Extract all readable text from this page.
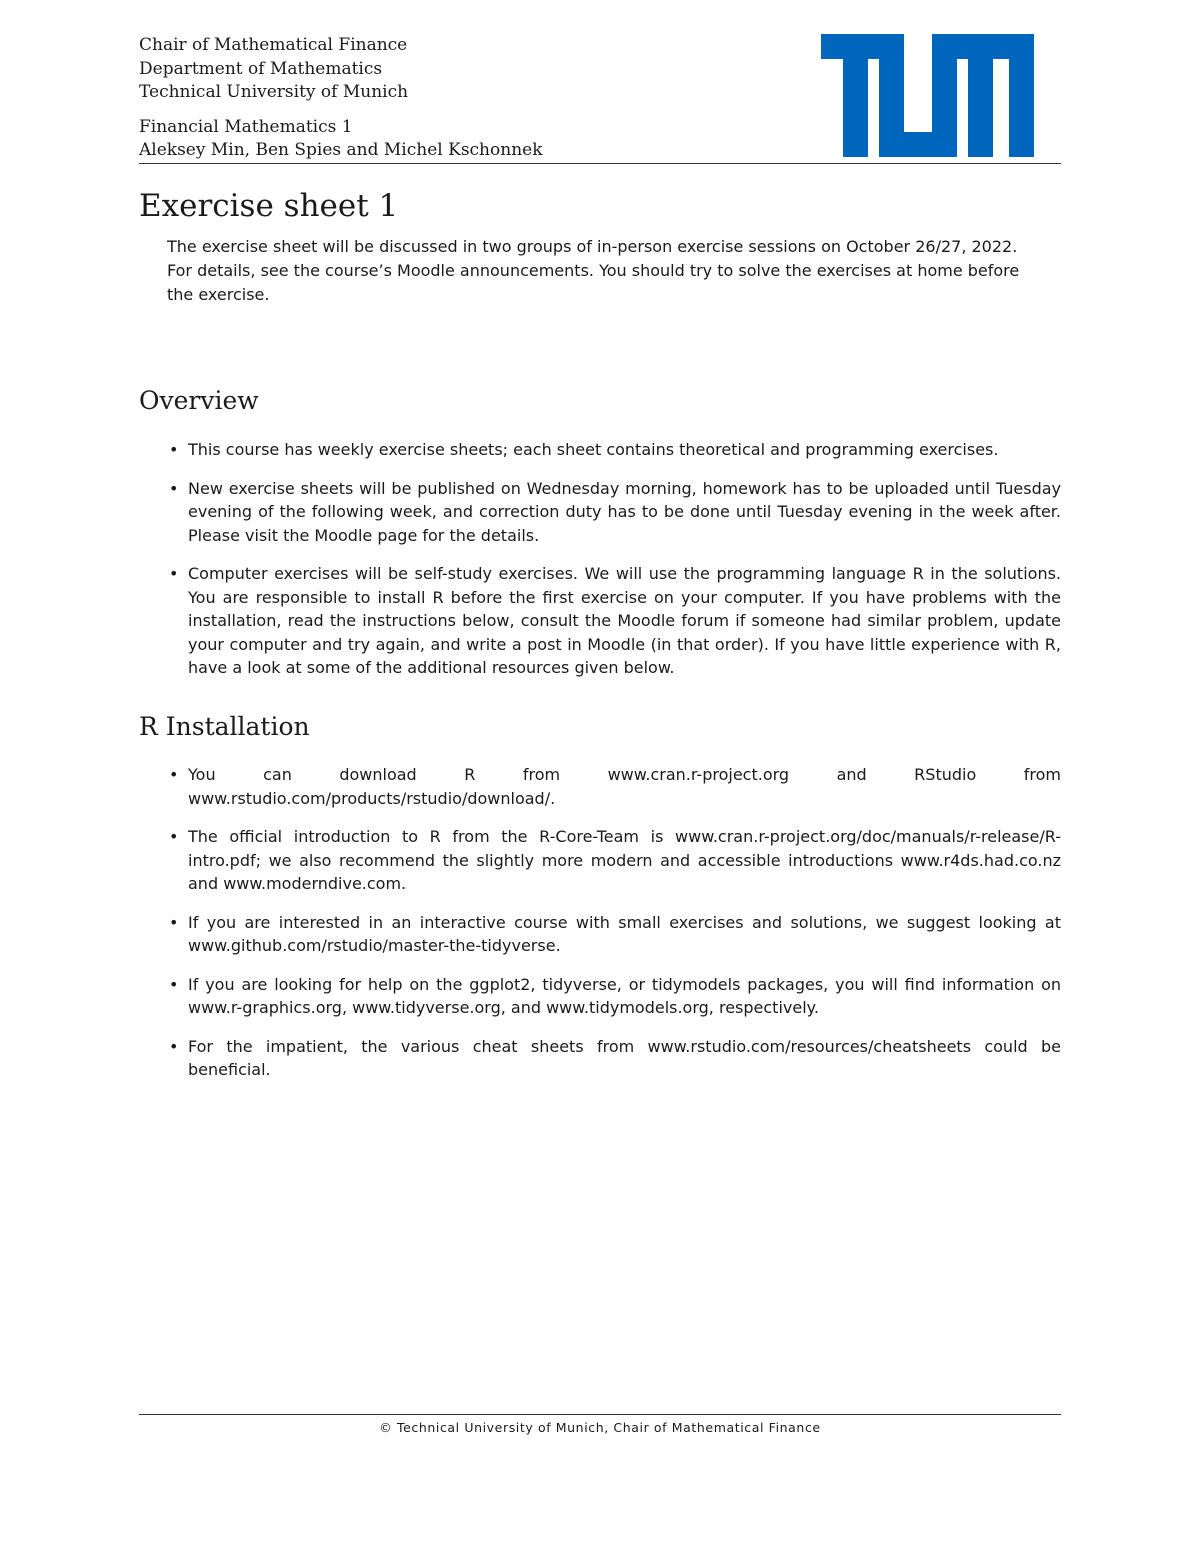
Chair of Mathematical Finance
Department of Mathematics
Technical University of Munich
Financial Mathematics 1
Aleksey Min, Ben Spies and Michel Kschonnek
Exercise sheet 1
The exercise sheet will be discussed in two groups of in-person exercise sessions on October 26/27, 2022. For details, see the course’s Moodle announcements. You should try to solve the exercises at home before the exercise.
Overview
• This course has weekly exercise sheets; each sheet contains theoretical and programming exercises.
• New exercise sheets will be published on Wednesday morning, homework has to be uploaded until Tuesday evening of the following week, and correction duty has to be done until Tuesday evening in the week after. Please visit the Moodle page for the details.
• Computer exercises will be self-study exercises. We will use the programming language R in the solutions. You are responsible to install R before the first exercise on your computer. If you have problems with the installation, read the instructions below, consult the Moodle forum if someone had similar problem, update your computer and try again, and write a post in Moodle (in that order). If you have little experience with R, have a look at some of the additional resources given below.
R Installation
• You can download R from www.cran.r-project.org and RStudio from www.rstudio.com/products/rstudio/download/.
• The official introduction to R from the R-Core-Team is www.cran.r-project.org/doc/manuals/r-release/R-intro.pdf; we also recommend the slightly more modern and accessible introductions www.r4ds.had.co.nz and www.moderndive.com.
• If you are interested in an interactive course with small exercises and solutions, we suggest looking at www.github.com/rstudio/master-the-tidyverse.
• If you are looking for help on the ggplot2, tidyverse, or tidymodels packages, you will find information on www.r-graphics.org, www.tidyverse.org, and www.tidymodels.org, respectively.
• For the impatient, the various cheat sheets from www.rstudio.com/resources/cheatsheets could be beneficial.
© Technical University of Munich, Chair of Mathematical Finance
